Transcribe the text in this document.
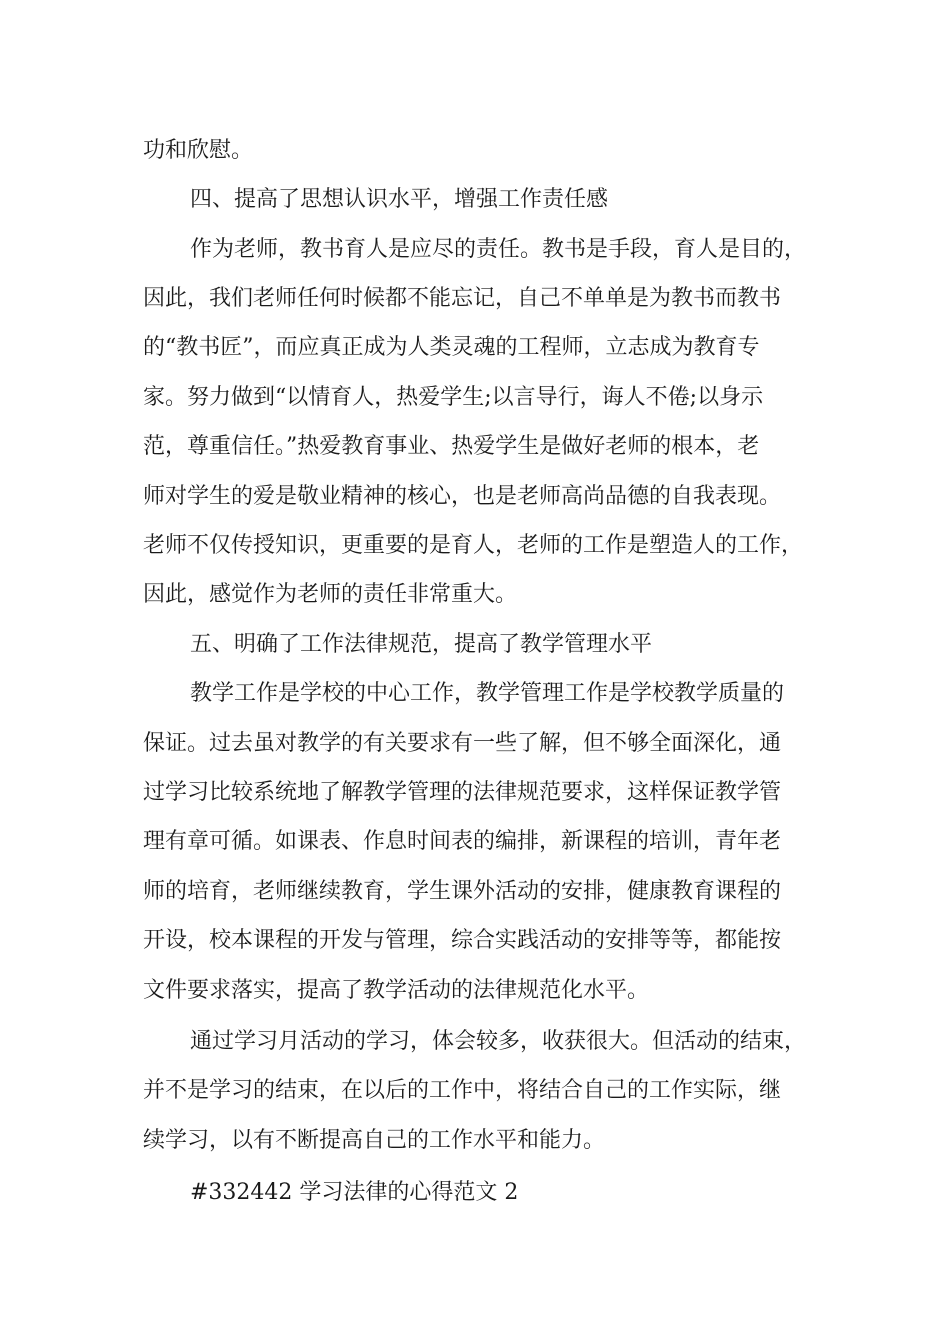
功和欣慰。
四、提高了思想认识水平，增强工作责任感
作为老师，教书育人是应尽的责任。教书是手段，育人是目的，
因此，我们老师任何时候都不能忘记，自己不单单是为教书而教书
的“教书匠”，而应真正成为人类灵魂的工程师，立志成为教育专
家。努力做到“以情育人，热爱学生;以言导行，诲人不倦;以身示
范，尊重信任。”热爱教育事业、热爱学生是做好老师的根本，老
师对学生的爱是敬业精神的核心，也是老师高尚品德的自我表现。
老师不仅传授知识，更重要的是育人，老师的工作是塑造人的工作，
因此，感觉作为老师的责任非常重大。
五、明确了工作法律规范，提高了教学管理水平
教学工作是学校的中心工作，教学管理工作是学校教学质量的
保证。过去虽对教学的有关要求有一些了解，但不够全面深化，通
过学习比较系统地了解教学管理的法律规范要求，这样保证教学管
理有章可循。如课表、作息时间表的编排，新课程的培训，青年老
师的培育，老师继续教育，学生课外活动的安排，健康教育课程的
开设，校本课程的开发与管理，综合实践活动的安排等等，都能按
文件要求落实，提高了教学活动的法律规范化水平。
通过学习月活动的学习，体会较多，收获很大。但活动的结束，
并不是学习的结束，在以后的工作中，将结合自己的工作实际，继
续学习，以有不断提高自己的工作水平和能力。
#332442 学习法律的心得范文 2
